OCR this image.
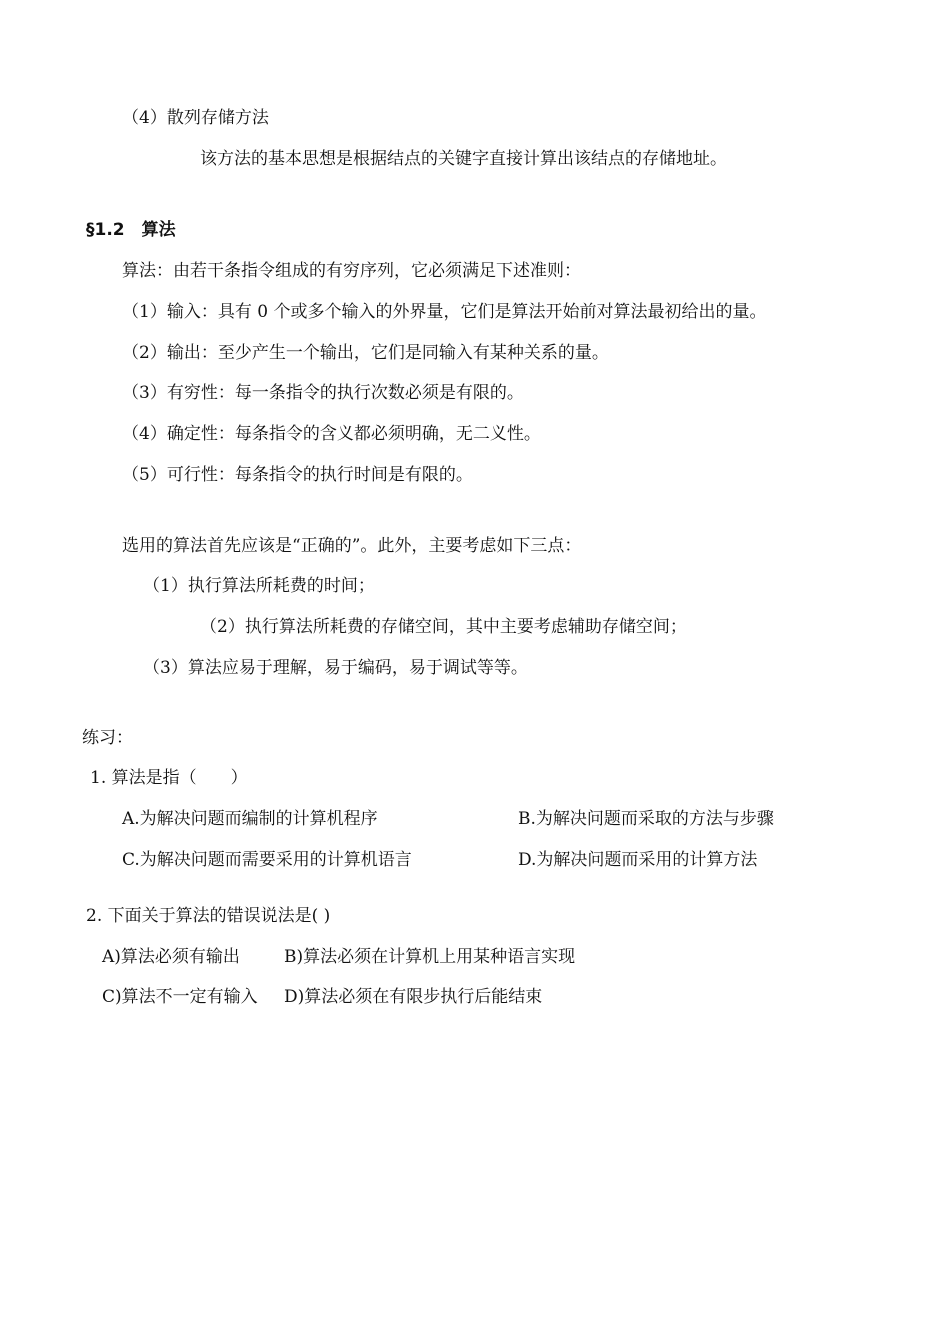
（4）散列存储方法
该方法的基本思想是根据结点的关键字直接计算出该结点的存储地址。
§1.2　算法
算法：由若干条指令组成的有穷序列，它必须满足下述准则：
（1）输入：具有 0 个或多个输入的外界量，它们是算法开始前对算法最初给出的量。
（2）输出：至少产生一个输出，它们是同输入有某种关系的量。
（3）有穷性：每一条指令的执行次数必须是有限的。
（4）确定性：每条指令的含义都必须明确，无二义性。
（5）可行性：每条指令的执行时间是有限的。
选用的算法首先应该是“正确的”。此外，主要考虑如下三点：
（1）执行算法所耗费的时间；
（2）执行算法所耗费的存储空间，其中主要考虑辅助存储空间；
（3）算法应易于理解，易于编码，易于调试等等。
练习：
1. 算法是指（　　）
A.为解决问题而编制的计算机程序	B.为解决问题而采取的方法与步骤
C.为解决问题而需要采用的计算机语言	D.为解决问题而采用的计算方法
2. 下面关于算法的错误说法是( )
A)算法必须有输出	B)算法必须在计算机上用某种语言实现
C)算法不一定有输入 D)算法必须在有限步执行后能结束
